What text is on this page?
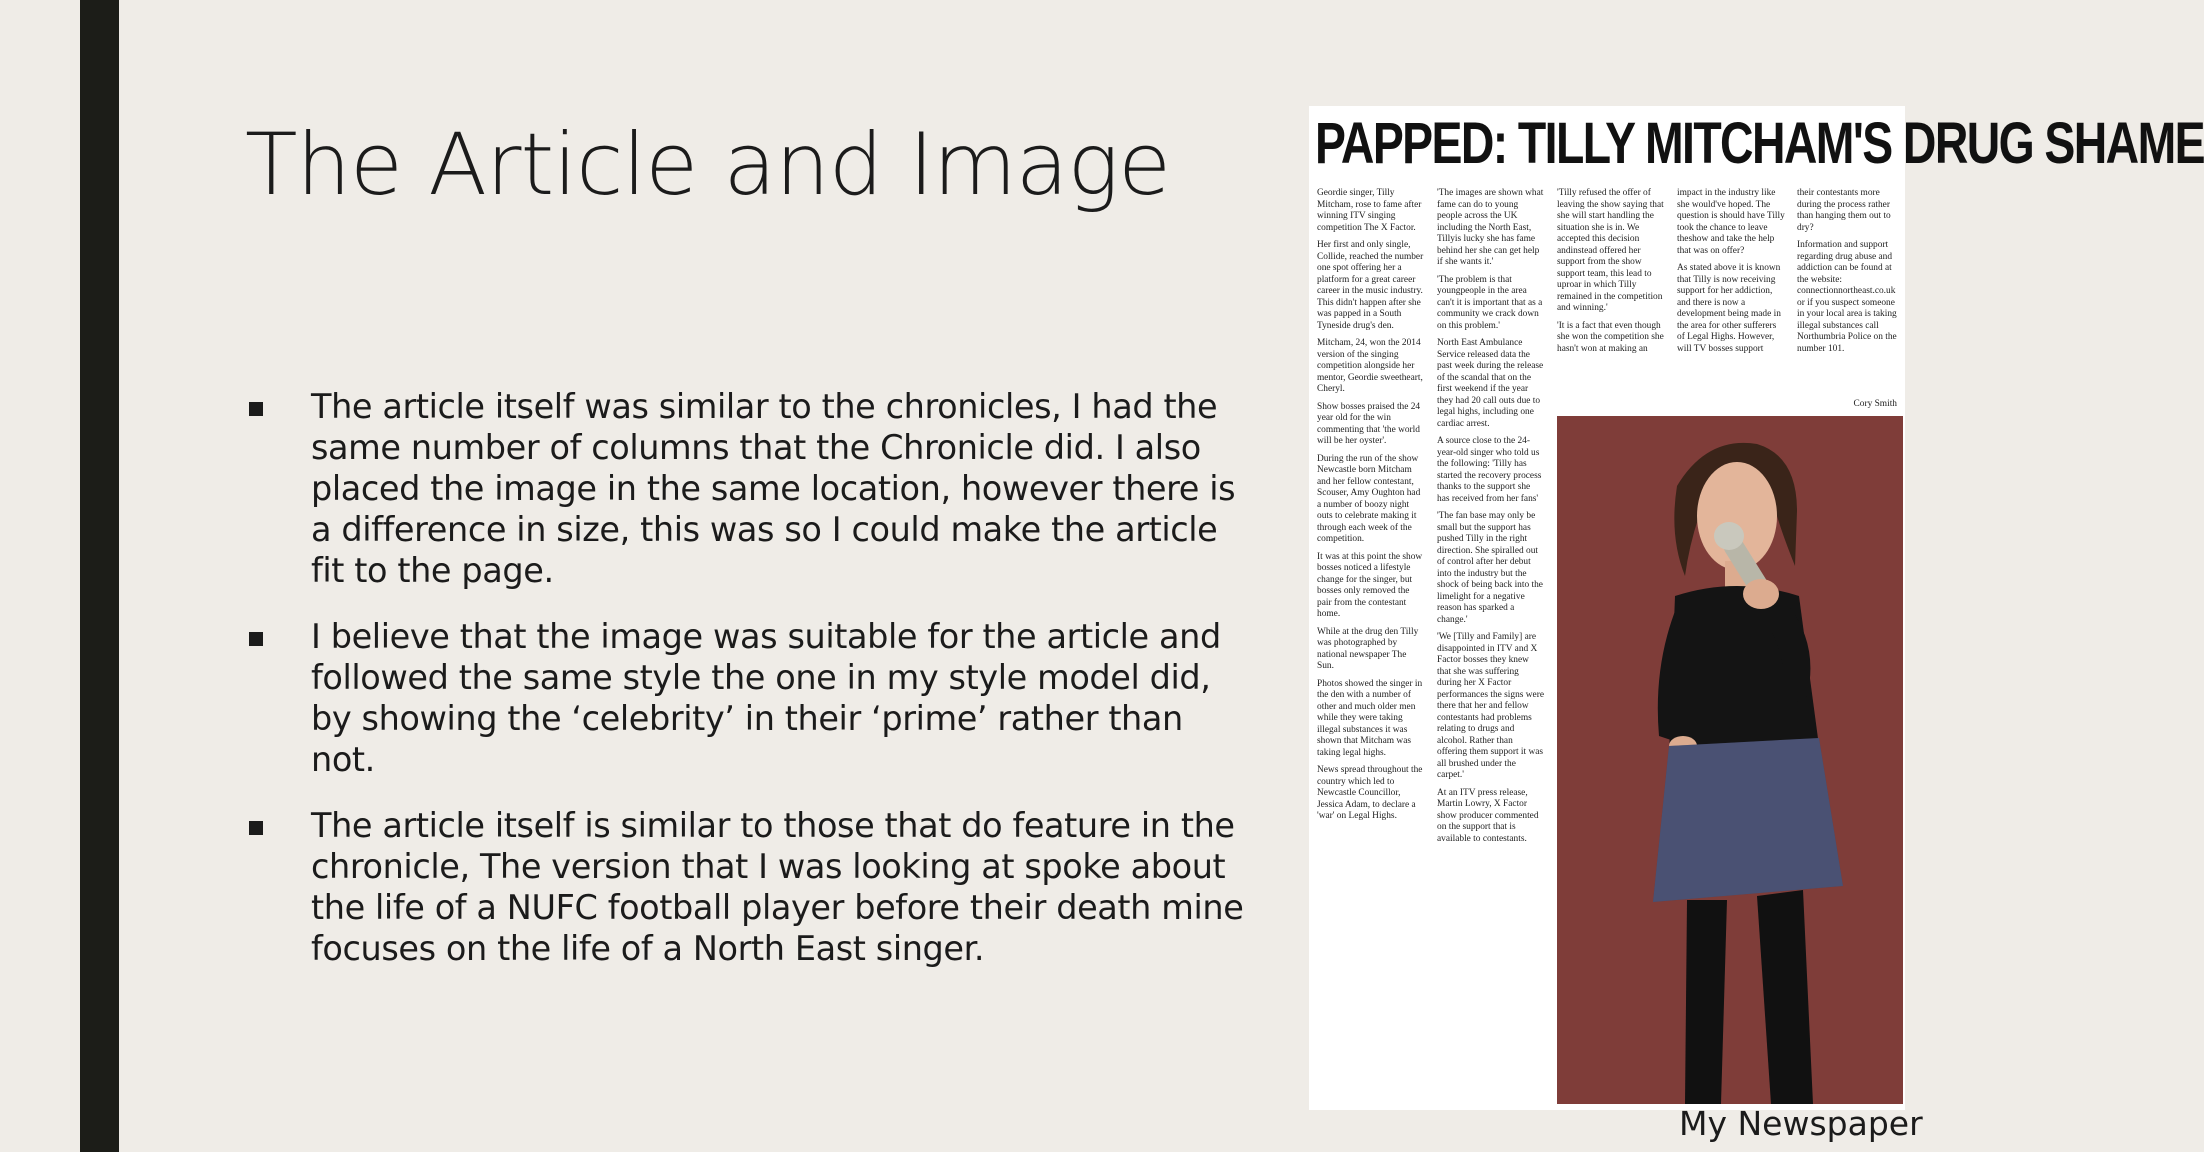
The Article and Image
The article itself was similar to the chronicles, I had the same number of columns that the Chronicle did. I also placed the image in the same location, however there is a difference in size, this was so I could make the article fit to the page.
I believe that the image was suitable for the article and followed the same style the one in my style model did, by showing the ‘celebrity’ in their ‘prime’ rather than not.
The article itself is similar to those that do feature in the chronicle, The version that I was looking at spoke about the life of a NUFC football player before their death mine focuses on the life of a North East singer.
PAPPED: TILLY MITCHAM'S DRUG SHAME

Geordie singer, Tilly Mitcham, rose to fame after winning ITV singing competition The X Factor.

Her first and only single, Collide, reached the number one spot offering her a platform for a great career career in the music industry. This didn't happen after she was papped in a South Tyneside drug's den.

Mitcham, 24, won the 2014 version of the singing competition alongside her mentor, Geordie sweetheart, Cheryl.

Show bosses praised the 24 year old for the win commenting that 'the world will be her oyster'.

During the run of the show Newcastle born Mitcham and her fellow contestant, Scouser, Amy Oughton had a number of boozy night outs to celebrate making it through each week of the competition.

It was at this point the show bosses noticed a lifestyle change for the singer, but bosses only removed the pair from the contestant home.

While at the drug den Tilly was photographed by national newspaper The Sun.

Photos showed the singer in the den with a number of other and much older men while they were taking illegal substances it was shown that Mitcham was taking legal highs.

News spread throughout the country which led to Newcastle Councillor, Jessica Adam, to declare a 'war' on Legal Highs.

'The images are shown what fame can do to young people across the UK including the North East, Tillyis lucky she has fame behind her she can get help if she wants it.'

'The problem is that youngpeople in the area can't it is important that as a community we crack down on this problem.'

North East Ambulance Service released data the past week during the release of the scandal that on the first weekend if the year they had 20 call outs due to legal highs, including one cardiac arrest.

A source close to the 24-year-old singer who told us the following: 'Tilly has started the recovery process thanks to the support she has received from her fans'

'The fan base may only be small but the support has pushed Tilly in the right direction. She spiralled out of control after her debut into the industry but the shock of being back into the limelight for a negative reason has sparked a change.'

'We [Tilly and Family] are disappointed in ITV and X Factor bosses they knew that she was suffering during her X Factor performances the signs were there that her and fellow contestants had problems relating to drugs and alcohol. Rather than offering them support it was all brushed under the carpet.'

At an ITV press release, Martin Lowry, X Factor show producer commented on the support that is available to contestants.

'Tilly refused the offer of leaving the show saying that she will start handling the situation she is in. We accepted this decision andinstead offered her support from the show support team, this lead to uproar in which Tilly remained in the competition and winning.'

'It is a fact that even though she won the competition she hasn't won at making an

impact in the industry like she would've hoped. The question is should have Tilly took the chance to leave theshow and take the help that was on offer?

As stated above it is known that Tilly is now receiving support for her addiction, and there is now a development being made in the area for other sufferers of Legal Highs. However, will TV bosses support

their contestants more during the process rather than hanging them out to dry?

Information and support regarding drug abuse and addiction can be found at the website: connectionnortheast.co.uk or if you suspect someone in your local area is taking illegal substances call Northumbria Police on the number 101.

Cory Smith
My Newspaper
